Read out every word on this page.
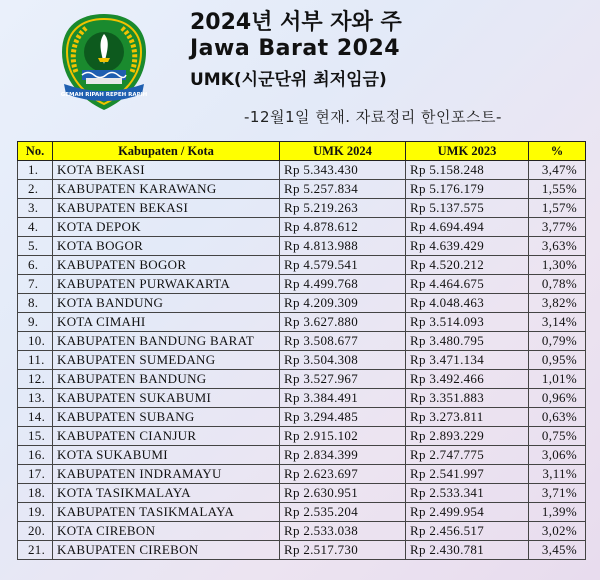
GEMAH RIPAH REPEH RAPIH
2024년 서부 자와 주
Jawa Barat 2024
UMK(시군단위 최저임금)
-12월1일 현재. 자료정리 한인포스트-
No.	Kabupaten / Kota	UMK 2024	UMK 2023	%
1.	KOTA BEKASI	Rp 5.343.430	Rp 5.158.248	3,47%
2.	KABUPATEN KARAWANG	Rp 5.257.834	Rp 5.176.179	1,55%
3.	KABUPATEN BEKASI	Rp 5.219.263	Rp 5.137.575	1,57%
4.	KOTA DEPOK	Rp 4.878.612	Rp 4.694.494	3,77%
5.	KOTA BOGOR	Rp 4.813.988	Rp 4.639.429	3,63%
6.	KABUPATEN BOGOR	Rp 4.579.541	Rp 4.520.212	1,30%
7.	KABUPATEN PURWAKARTA	Rp 4.499.768	Rp 4.464.675	0,78%
8.	KOTA BANDUNG	Rp 4.209.309	Rp 4.048.463	3,82%
9.	KOTA CIMAHI	Rp 3.627.880	Rp 3.514.093	3,14%
10.	KABUPATEN BANDUNG BARAT	Rp 3.508.677	Rp 3.480.795	0,79%
11.	KABUPATEN SUMEDANG	Rp 3.504.308	Rp 3.471.134	0,95%
12.	KABUPATEN BANDUNG	Rp 3.527.967	Rp 3.492.466	1,01%
13.	KABUPATEN SUKABUMI	Rp 3.384.491	Rp 3.351.883	0,96%
14.	KABUPATEN SUBANG	Rp 3.294.485	Rp 3.273.811	0,63%
15.	KABUPATEN CIANJUR	Rp 2.915.102	Rp 2.893.229	0,75%
16.	KOTA SUKABUMI	Rp 2.834.399	Rp 2.747.775	3,06%
17.	KABUPATEN INDRAMAYU	Rp 2.623.697	Rp 2.541.997	3,11%
18.	KOTA TASIKMALAYA	Rp 2.630.951	Rp 2.533.341	3,71%
19.	KABUPATEN TASIKMALAYA	Rp 2.535.204	Rp 2.499.954	1,39%
20.	KOTA CIREBON	Rp 2.533.038	Rp 2.456.517	3,02%
21.	KABUPATEN CIREBON	Rp 2.517.730	Rp 2.430.781	3,45%
